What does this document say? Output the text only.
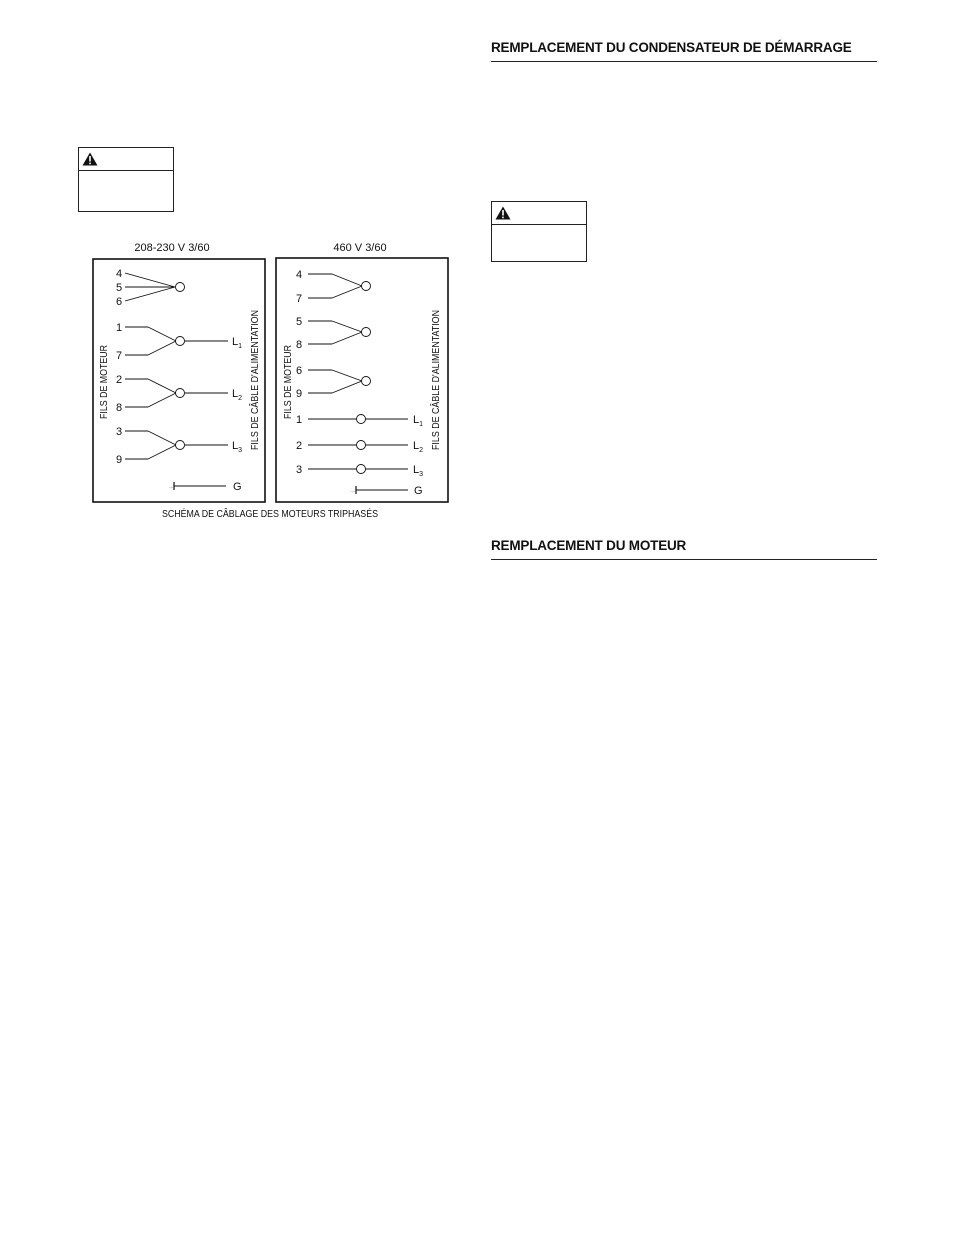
REMPLACEMENT DU CONDENSATEUR DE DÉMARRAGE
REMPLACEMENT DU MOTEUR
208-230 V 3/60	460 V 3/60
··
4
5
6
1
7
2
8
3
9
$L_1$
$L_2$
$L_3$
G
FILS DE MOTEUR	FILS DE CÂBLE D'ALIMENTATION
··
4
7
5
8
6
9
1
2
3
$L_1$
$L_2$
$L_3$
G
FILS DE MOTEUR	FILS DE CÂBLE D'ALIMENTATION
SCHÉMA DE CÂBLAGE DES MOTEURS TRIPHASÉS
